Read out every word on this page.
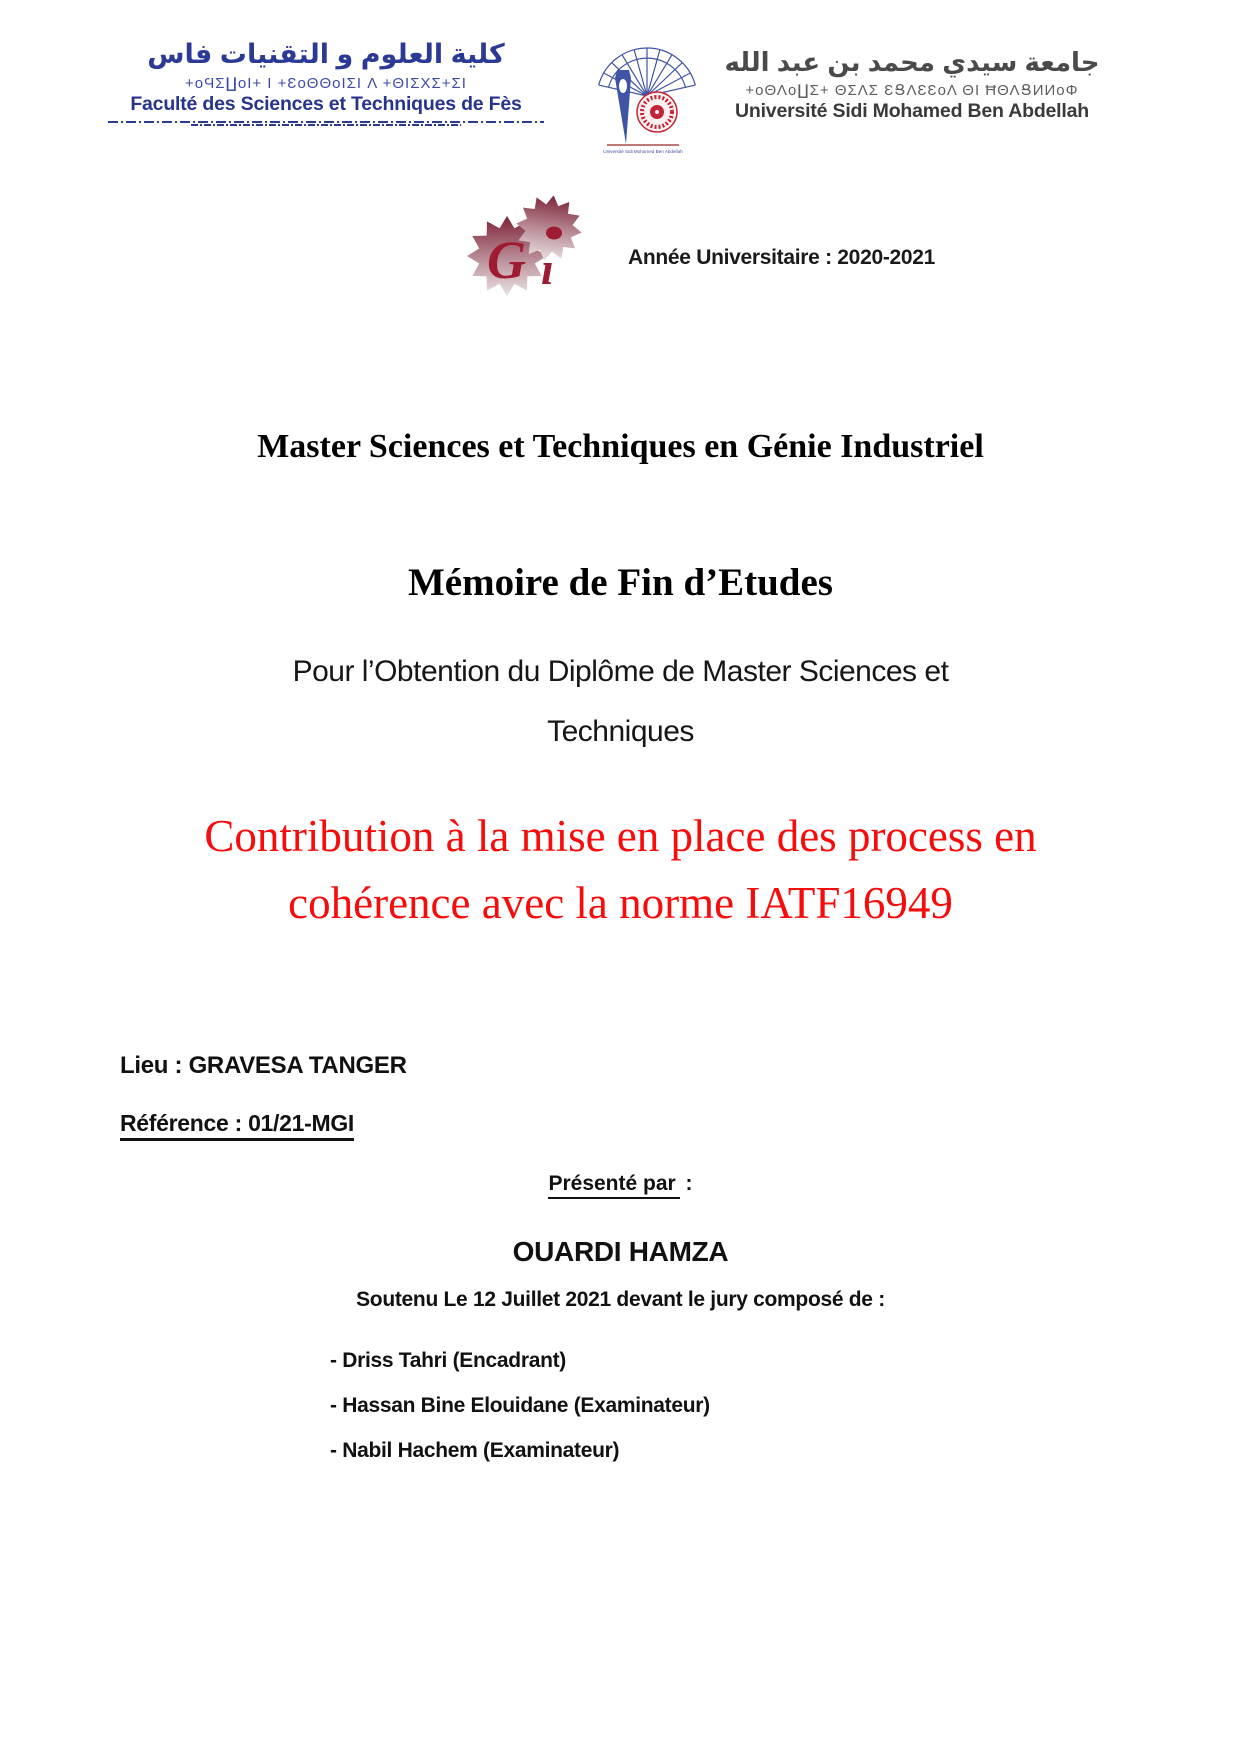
كلية العلوم و التقنيات فاس
+oϤΣ∐oI+ I +ƐoΘΘoIΣI Λ +ΘIΣΧΣ+ΣI
Faculté des Sciences et Techniques de Fès
Université Sidi Mohamed Ben Abdellah
جامعة سيدي محمد بن عبد الله
+oΘΛo∐Σ+ ΘΣΛΣ ƐՑΛƐƐoΛ ΘI ĦΘΛՑИИoΦ
Université Sidi Mohamed Ben Abdellah
G ı	Année Universitaire : 2020-2021
Master Sciences et Techniques en Génie Industriel
Mémoire de Fin d’Etudes
Pour l’Obtention du Diplôme de Master Sciences et
Techniques
Contribution à la mise en place des process en
cohérence avec la norme IATF16949
Lieu : GRAVESA TANGER
Référence : 01/21-MGI
Présenté par :
OUARDI HAMZA
Soutenu Le 12 Juillet 2021 devant le jury composé de :
- Driss Tahri (Encadrant)
- Hassan Bine Elouidane (Examinateur)
- Nabil Hachem (Examinateur)
